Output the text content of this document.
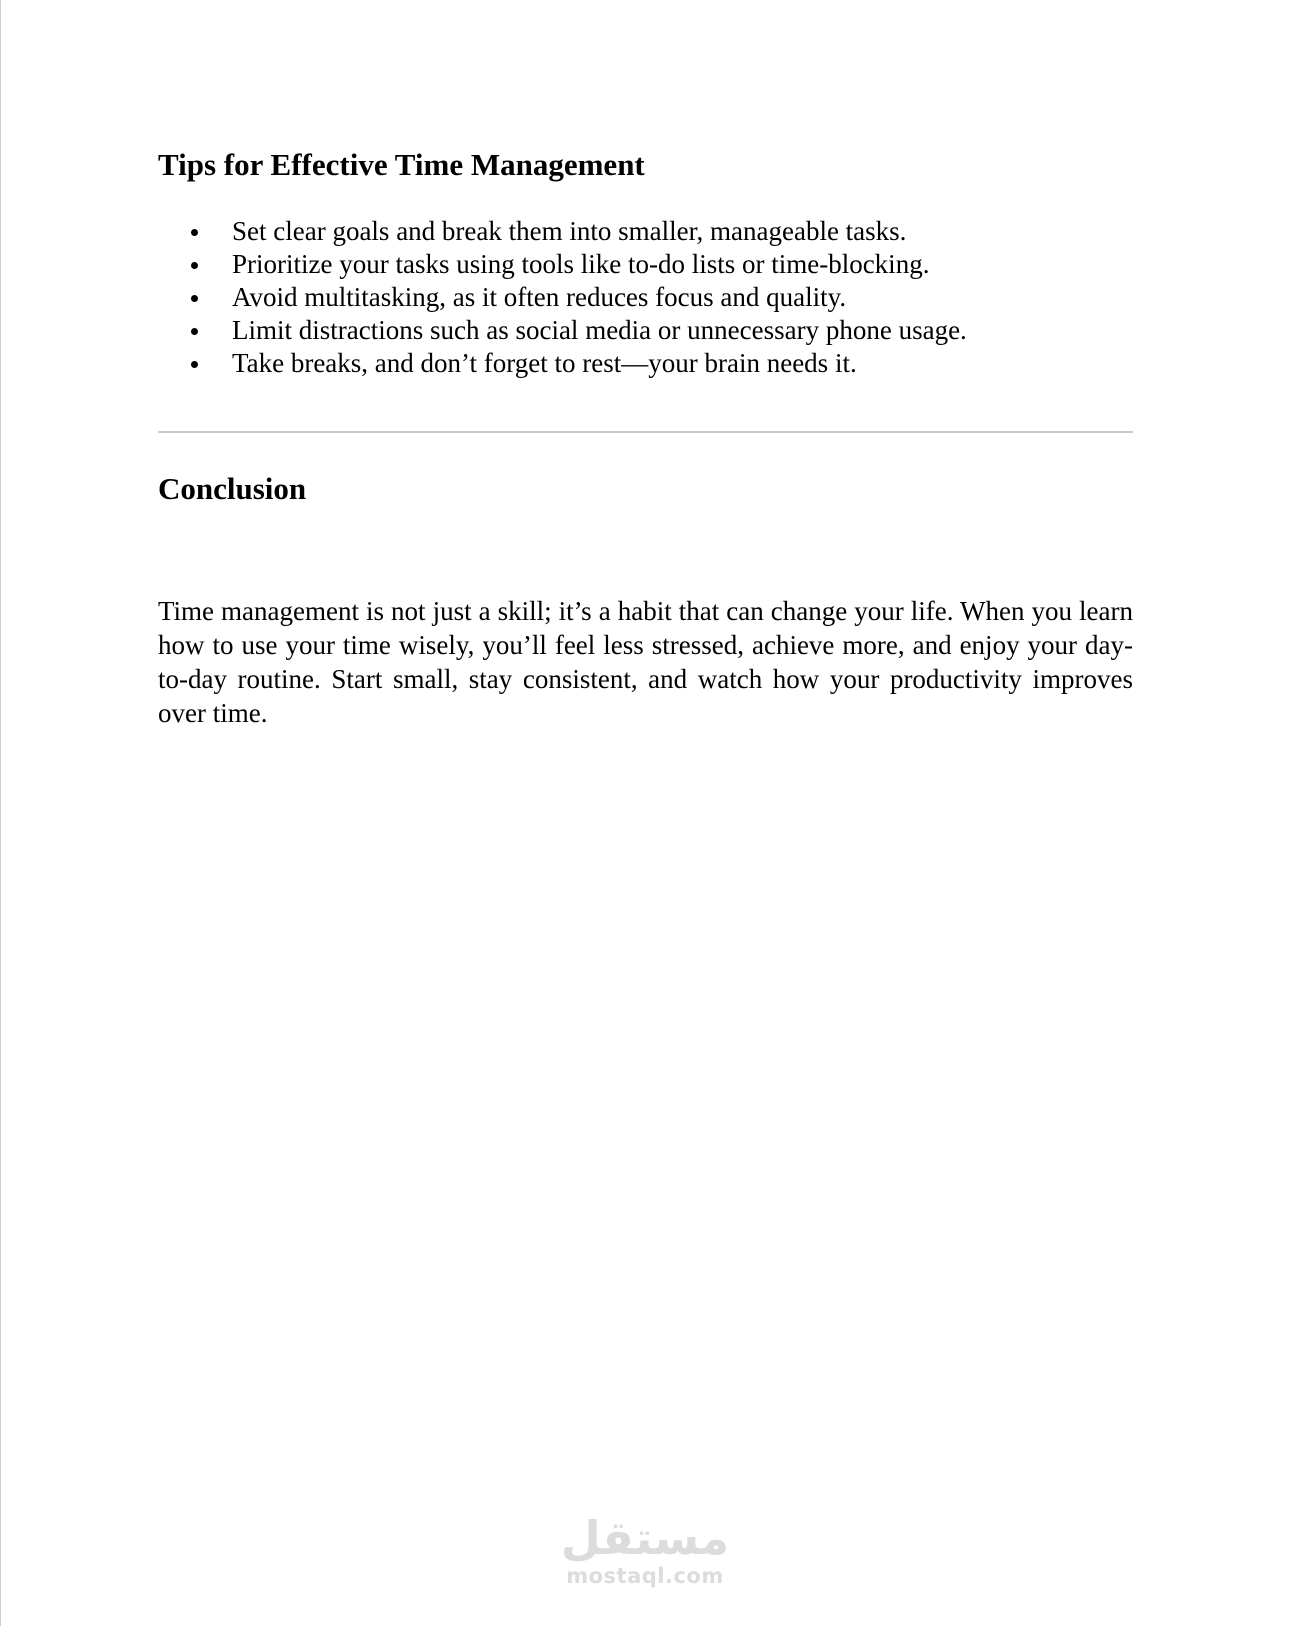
Tips for Effective Time Management
Set clear goals and break them into smaller, manageable tasks.
Prioritize your tasks using tools like to-do lists or time-blocking.
Avoid multitasking, as it often reduces focus and quality.
Limit distractions such as social media or unnecessary phone usage.
Take breaks, and don’t forget to rest—your brain needs it.
Conclusion

Time management is not just a skill; it’s a habit that can change your life. When you learn how to use your time wisely, you’ll feel less stressed, achieve more, and enjoy your day-to-day routine. Start small, stay consistent, and watch how your productivity improves over time.

مستقل
mostaql.com
